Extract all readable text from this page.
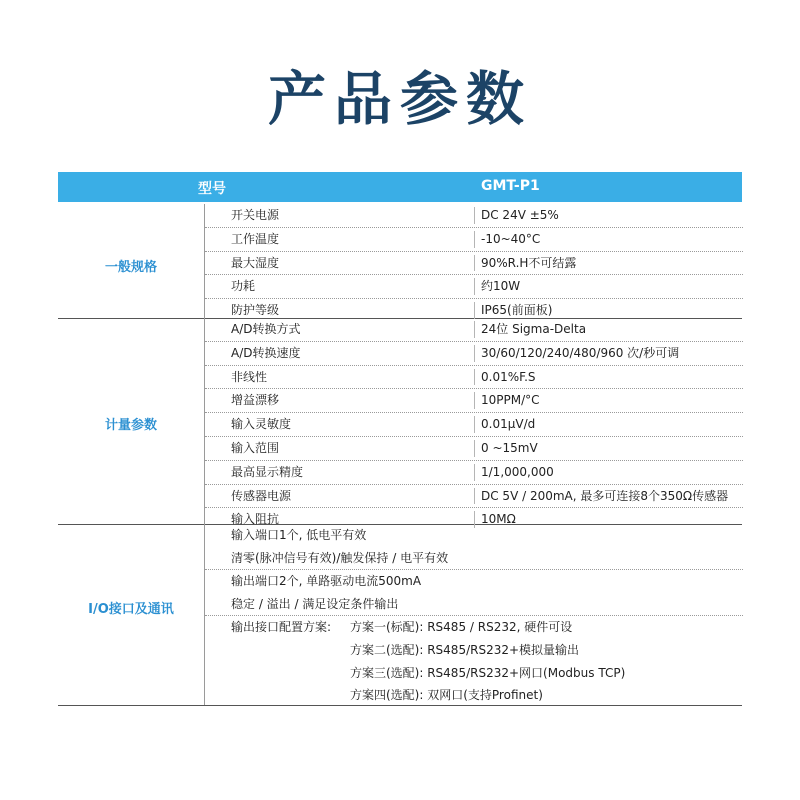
产品参数
型号	GMT-P1
一般规格
开关电源	DC 24V ±5%
工作温度	-10~40°C
最大湿度	90%R.H不可结露
功耗	约10W
防护等级	IP65(前面板)
计量参数
A/D转换方式	24位 Sigma-Delta
A/D转换速度	30/60/120/240/480/960 次/秒可调
非线性	0.01%F.S
增益漂移	10PPM/°C
输入灵敏度	0.01μV/d
输入范围	0 ~15mV
最高显示精度	1/1,000,000
传感器电源	DC 5V / 200mA, 最多可连接8个350Ω传感器
输入阻抗	10MΩ
I/O接口及通讯
输入端口1个, 低电平有效
清零(脉冲信号有效)/触发保持 / 电平有效
输出端口2个, 单路驱动电流500mA
稳定 / 溢出 / 满足设定条件输出
输出接口配置方案: 方案一(标配): RS485 / RS232, 硬件可设
方案二(选配): RS485/RS232+模拟量输出
方案三(选配): RS485/RS232+网口(Modbus TCP)
方案四(选配): 双网口(支持Profinet)
